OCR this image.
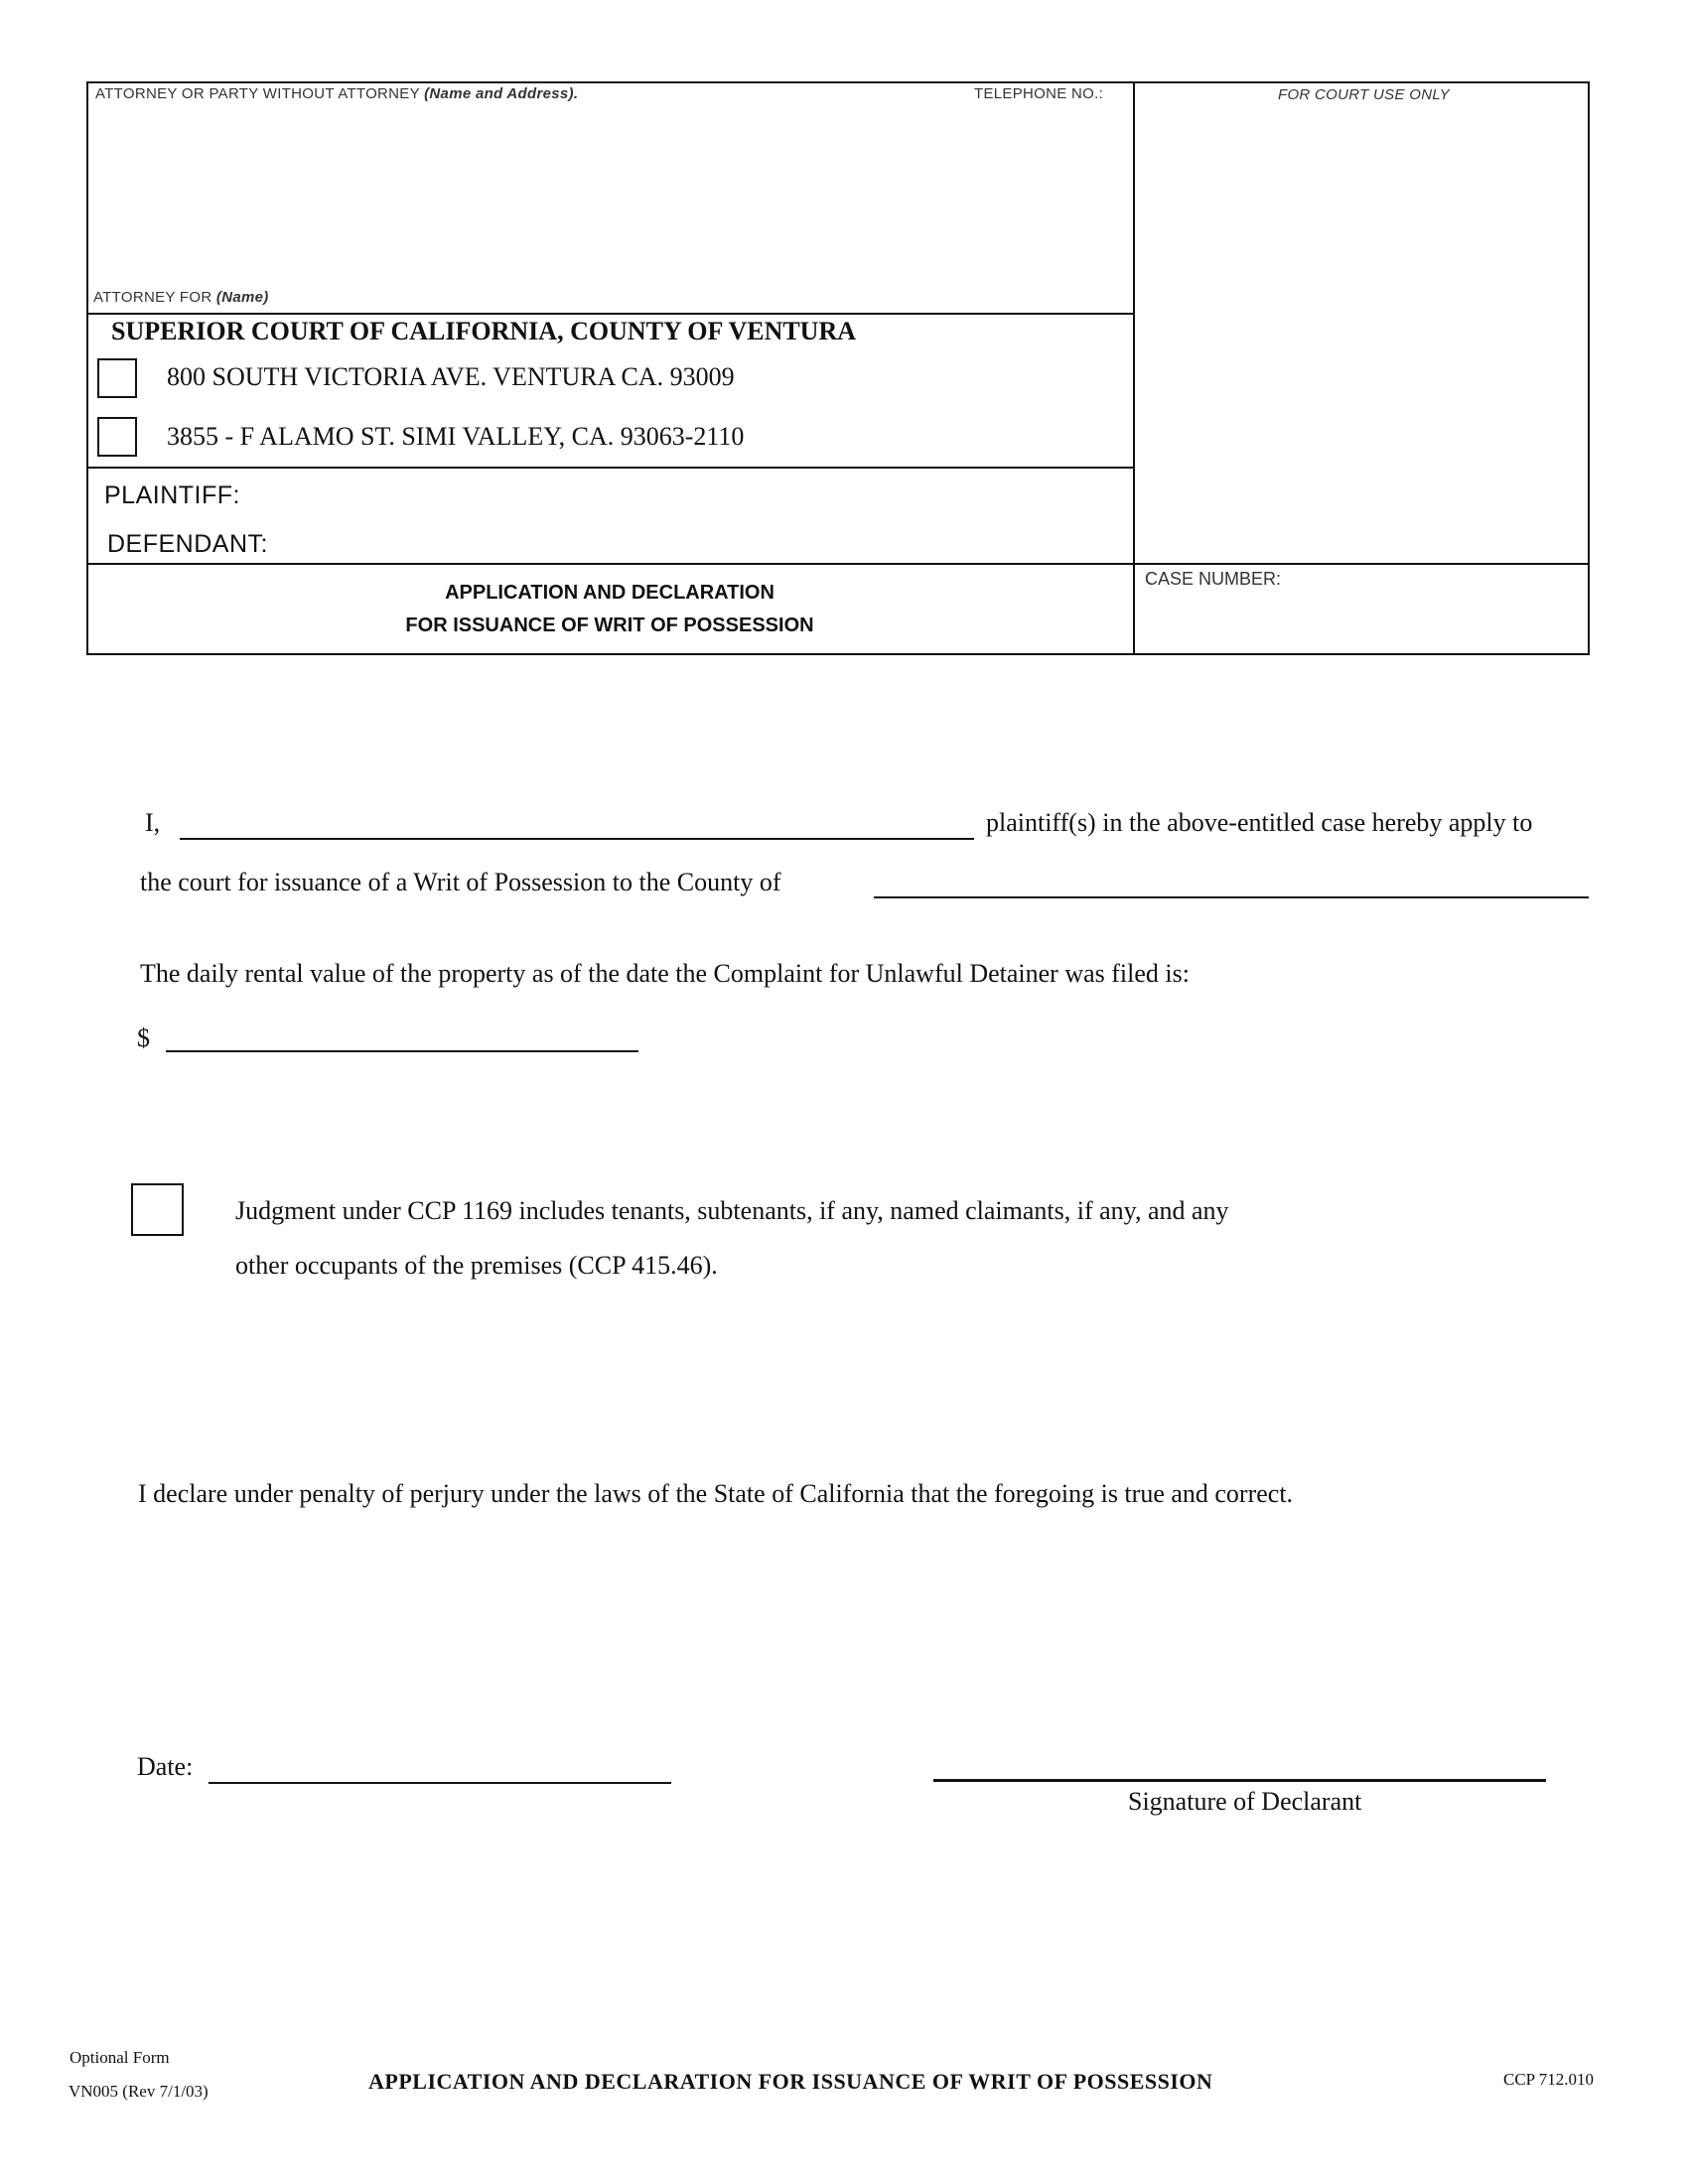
ATTORNEY OR PARTY WITHOUT ATTORNEY (Name and Address).	TELEPHONE NO.:	FOR COURT USE ONLY
ATTORNEY FOR (Name)
SUPERIOR COURT OF CALIFORNIA, COUNTY OF VENTURA
800 SOUTH VICTORIA AVE. VENTURA CA. 93009
3855 - F ALAMO ST. SIMI VALLEY, CA. 93063-2110
PLAINTIFF:
DEFENDANT:
APPLICATION AND DECLARATION
FOR ISSUANCE OF WRIT OF POSSESSION
CASE NUMBER:
I,	plaintiff(s) in the above-entitled case hereby apply to
the court for issuance of a Writ of Possession to the County of
The daily rental value of the property as of the date the Complaint for Unlawful Detainer was filed is:
$
Judgment under CCP 1169 includes tenants, subtenants, if any, named claimants, if any, and any
other occupants of the premises (CCP 415.46).
I declare under penalty of perjury under the laws of the State of California that the foregoing is true and correct.
Date:
Signature of Declarant
Optional Form
VN005 (Rev 7/1/03)	APPLICATION AND DECLARATION FOR ISSUANCE OF WRIT OF POSSESSION	CCP 712.010
